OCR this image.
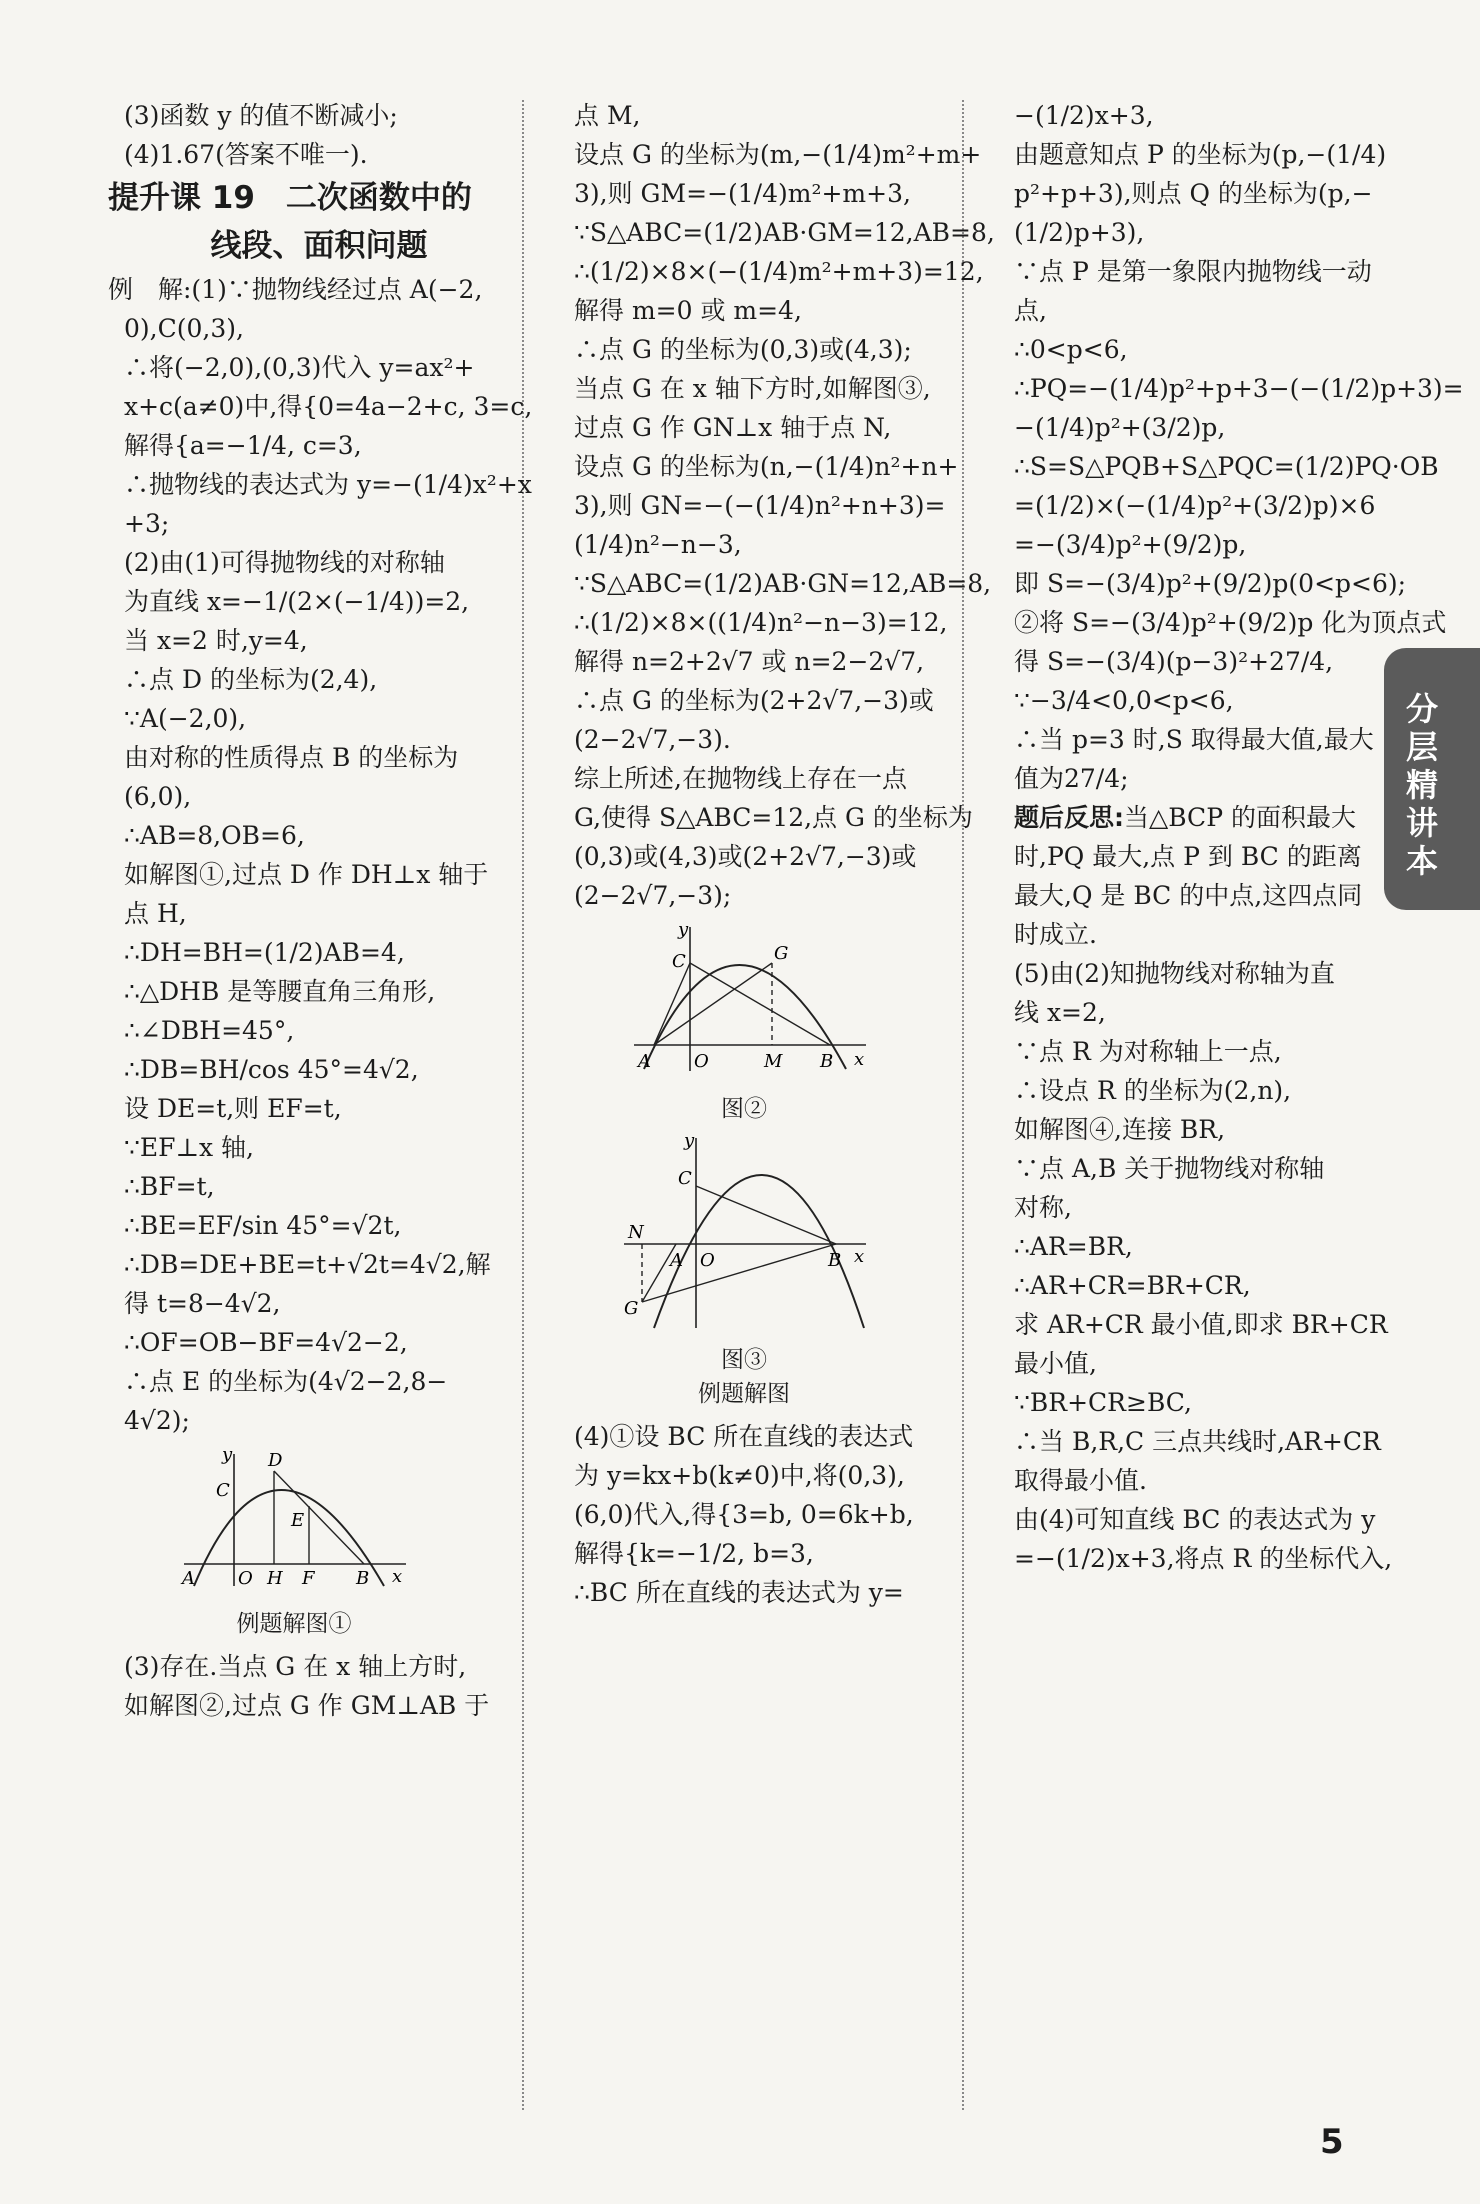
(3)函数 y 的值不断减小;
(4)1.67(答案不唯一).
提升课 19　二次函数中的
线段、面积问题
例　解:(1)∵抛物线经过点 A(−2,
0),C(0,3),
∴将(−2,0),(0,3)代入 y=ax²+
x+c(a≠0)中,得{0=4a−2+c, 3=c,
解得{a=−1/4, c=3,
∴抛物线的表达式为 y=−(1/4)x²+x
+3;
(2)由(1)可得抛物线的对称轴
为直线 x=−1/(2×(−1/4))=2,
当 x=2 时,y=4,
∴点 D 的坐标为(2,4),
∵A(−2,0),
由对称的性质得点 B 的坐标为
(6,0),
∴AB=8,OB=6,
如解图①,过点 D 作 DH⊥x 轴于
点 H,
∴DH=BH=(1/2)AB=4,
∴△DHB 是等腰直角三角形,
∴∠DBH=45°,
∴DB=BH/cos 45°=4√2,
设 DE=t,则 EF=t,
∵EF⊥x 轴,
∴BF=t,
∴BE=EF/sin 45°=√2t,
∴DB=DE+BE=t+√2t=4√2,解
得 t=8−4√2,
∴OF=OB−BF=4√2−2,
∴点 E 的坐标为(4√2−2,8−
4√2);
y D
C
E
A O H F B x
例题解图①
(3)存在.当点 G 在 x 轴上方时,
如解图②,过点 G 作 GM⊥AB 于
点 M,
设点 G 的坐标为(m,−(1/4)m²+m+
3),则 GM=−(1/4)m²+m+3,
∵S△ABC=(1/2)AB·GM=12,AB=8,
∴(1/2)×8×(−(1/4)m²+m+3)=12,
解得 m=0 或 m=4,
∴点 G 的坐标为(0,3)或(4,3);
当点 G 在 x 轴下方时,如解图③,
过点 G 作 GN⊥x 轴于点 N,
设点 G 的坐标为(n,−(1/4)n²+n+
3),则 GN=−(−(1/4)n²+n+3)=
(1/4)n²−n−3,
∵S△ABC=(1/2)AB·GN=12,AB=8,
∴(1/2)×8×((1/4)n²−n−3)=12,
解得 n=2+2√7 或 n=2−2√7,
∴点 G 的坐标为(2+2√7,−3)或
(2−2√7,−3).
综上所述,在抛物线上存在一点
G,使得 S△ABC=12,点 G 的坐标为
(0,3)或(4,3)或(2+2√7,−3)或
(2−2√7,−3);
y
C	G
A O	M B x
图②
y
C
N
A O	B x
G
图③
例题解图
(4)①设 BC 所在直线的表达式
为 y=kx+b(k≠0)中,将(0,3),
(6,0)代入,得{3=b, 0=6k+b,
解得{k=−1/2, b=3,
∴BC 所在直线的表达式为 y=
−(1/2)x+3,
由题意知点 P 的坐标为(p,−(1/4)
p²+p+3),则点 Q 的坐标为(p,−
(1/2)p+3),
∵点 P 是第一象限内抛物线一动
点,
∴0<p<6,
∴PQ=−(1/4)p²+p+3−(−(1/2)p+3)=
−(1/4)p²+(3/2)p,
∴S=S△PQB+S△PQC=(1/2)PQ·OB
=(1/2)×(−(1/4)p²+(3/2)p)×6
=−(3/4)p²+(9/2)p,
即 S=−(3/4)p²+(9/2)p(0<p<6);
②将 S=−(3/4)p²+(9/2)p 化为顶点式
得 S=−(3/4)(p−3)²+27/4,
∵−3/4<0,0<p<6,
∴当 p=3 时,S 取得最大值,最大
值为27/4;
题后反思:当△BCP 的面积最大
时,PQ 最大,点 P 到 BC 的距离
最大,Q 是 BC 的中点,这四点同
时成立.
(5)由(2)知抛物线对称轴为直
线 x=2,
∵点 R 为对称轴上一点,
∴设点 R 的坐标为(2,n),
如解图④,连接 BR,
∵点 A,B 关于抛物线对称轴
对称,
∴AR=BR,
∴AR+CR=BR+CR,
求 AR+CR 最小值,即求 BR+CR
最小值,
∵BR+CR≥BC,
∴当 B,R,C 三点共线时,AR+CR
取得最小值.
由(4)可知直线 BC 的表达式为 y
=−(1/2)x+3,将点 R 的坐标代入,
分层精讲本
5
